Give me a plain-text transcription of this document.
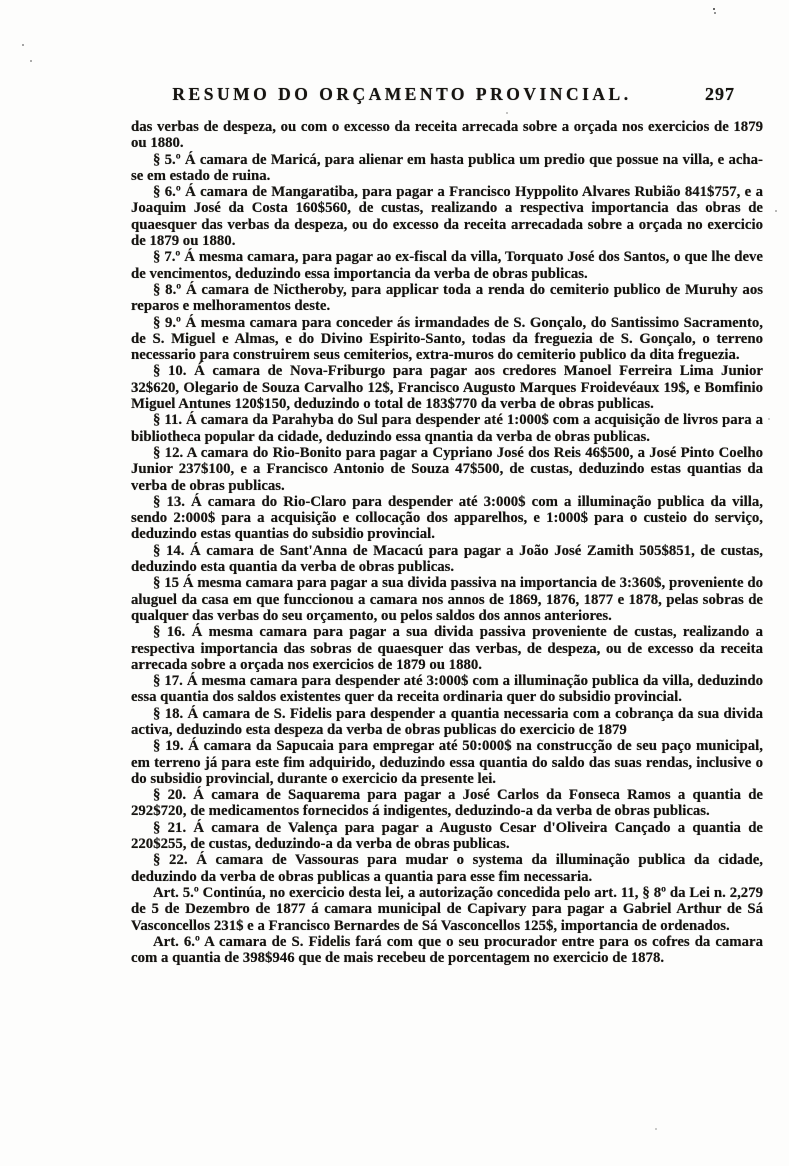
RESUMO DO ORÇAMENTO PROVINCIAL.	297

das verbas de despeza, ou com o excesso da receita arrecada sobre a orçada nos exercicios de 1879 ou 1880.

§ 5.º Á camara de Maricá, para alienar em hasta publica um predio que possue na villa, e acha-se em estado de ruina.

§ 6.º Á camara de Mangaratiba, para pagar a Francisco Hyppolito Alvares Rubião 841$757, e a Joaquim José da Costa 160$560, de custas, realizando a respectiva importancia das obras de quaesquer das verbas da despeza, ou do excesso da receita arrecadada sobre a orçada no exercicio de 1879 ou 1880.

§ 7.º Á mesma camara, para pagar ao ex-fiscal da villa, Torquato José dos Santos, o que lhe deve de vencimentos, deduzindo essa importancia da verba de obras publicas.

§ 8.º Á camara de Nictheroby, para applicar toda a renda do cemiterio publico de Muruhy aos reparos e melhoramentos deste.

§ 9.º Á mesma camara para conceder ás irmandades de S. Gonçalo, do Santissimo Sacramento, de S. Miguel e Almas, e do Divino Espirito-Santo, todas da freguezia de S. Gonçalo, o terreno necessario para construirem seus cemiterios, extra-muros do cemiterio publico da dita freguezia.

§ 10. Á camara de Nova-Friburgo para pagar aos credores Manoel Ferreira Lima Junior 32$620, Olegario de Souza Carvalho 12$, Francisco Augusto Marques Froidevéaux 19$, e Bomfinio Miguel Antunes 120$150, deduzindo o total de 183$770 da verba de obras publicas.

§ 11. Á camara da Parahyba do Sul para despender até 1:000$ com a acquisição de livros para a bibliotheca popular da cidade, deduzindo essa qnantia da verba de obras publicas.

§ 12. A camara do Rio-Bonito para pagar a Cypriano José dos Reis 46$500, a José Pinto Coelho Junior 237$100, e a Francisco Antonio de Souza 47$500, de custas, deduzindo estas quantias da verba de obras publicas.

§ 13. Á camara do Rio-Claro para despender até 3:000$ com a illuminação publica da villa, sendo 2:000$ para a acquisição e collocação dos apparelhos, e 1:000$ para o custeio do serviço, deduzindo estas quantias do subsidio provincial.

§ 14. Á camara de Sant'Anna de Macacú para pagar a João José Zamith 505$851, de custas, deduzindo esta quantia da verba de obras publicas.

§ 15 Á mesma camara para pagar a sua divida passiva na importancia de 3:360$, proveniente do aluguel da casa em que funccionou a camara nos annos de 1869, 1876, 1877 e 1878, pelas sobras de qualquer das verbas do seu orçamento, ou pelos saldos dos annos anteriores.

§ 16. Á mesma camara para pagar a sua divida passiva proveniente de custas, realizando a respectiva importancia das sobras de quaesquer das verbas, de despeza, ou de excesso da receita arrecada sobre a orçada nos exercicios de 1879 ou 1880.

§ 17. Á mesma camara para despender até 3:000$ com a illuminação publica da villa, deduzindo essa quantia dos saldos existentes quer da receita ordinaria quer do subsidio provincial.

§ 18. Á camara de S. Fidelis para despender a quantia necessaria com a cobrança da sua divida activa, deduzindo esta despeza da verba de obras publicas do exercicio de 1879

§ 19. Á camara da Sapucaia para empregar até 50:000$ na construcção de seu paço municipal, em terreno já para este fim adquirido, deduzindo essa quantia do saldo das suas rendas, inclusive o do subsidio provincial, durante o exercicio da presente lei.

§ 20. Á camara de Saquarema para pagar a José Carlos da Fonseca Ramos a quantia de 292$720, de medicamentos fornecidos á indigentes, deduzindo-a da verba de obras publicas.

§ 21. Á camara de Valença para pagar a Augusto Cesar d'Oliveira Cançado a quantia de 220$255, de custas, deduzindo-a da verba de obras publicas.

§ 22. Á camara de Vassouras para mudar o systema da illuminação publica da cidade, deduzindo da verba de obras publicas a quantia para esse fim necessaria.

Art. 5.º Continúa, no exercicio desta lei, a autorização concedida pelo art. 11, § 8º da Lei n. 2,279 de 5 de Dezembro de 1877 á camara municipal de Capivary para pagar a Gabriel Arthur de Sá Vasconcellos 231$ e a Francisco Bernardes de Sá Vasconcellos 125$, importancia de ordenados.

Art. 6.º A camara de S. Fidelis fará com que o seu procurador entre para os cofres da camara com a quantia de 398$946 que de mais recebeu de porcentagem no exercicio de 1878.
